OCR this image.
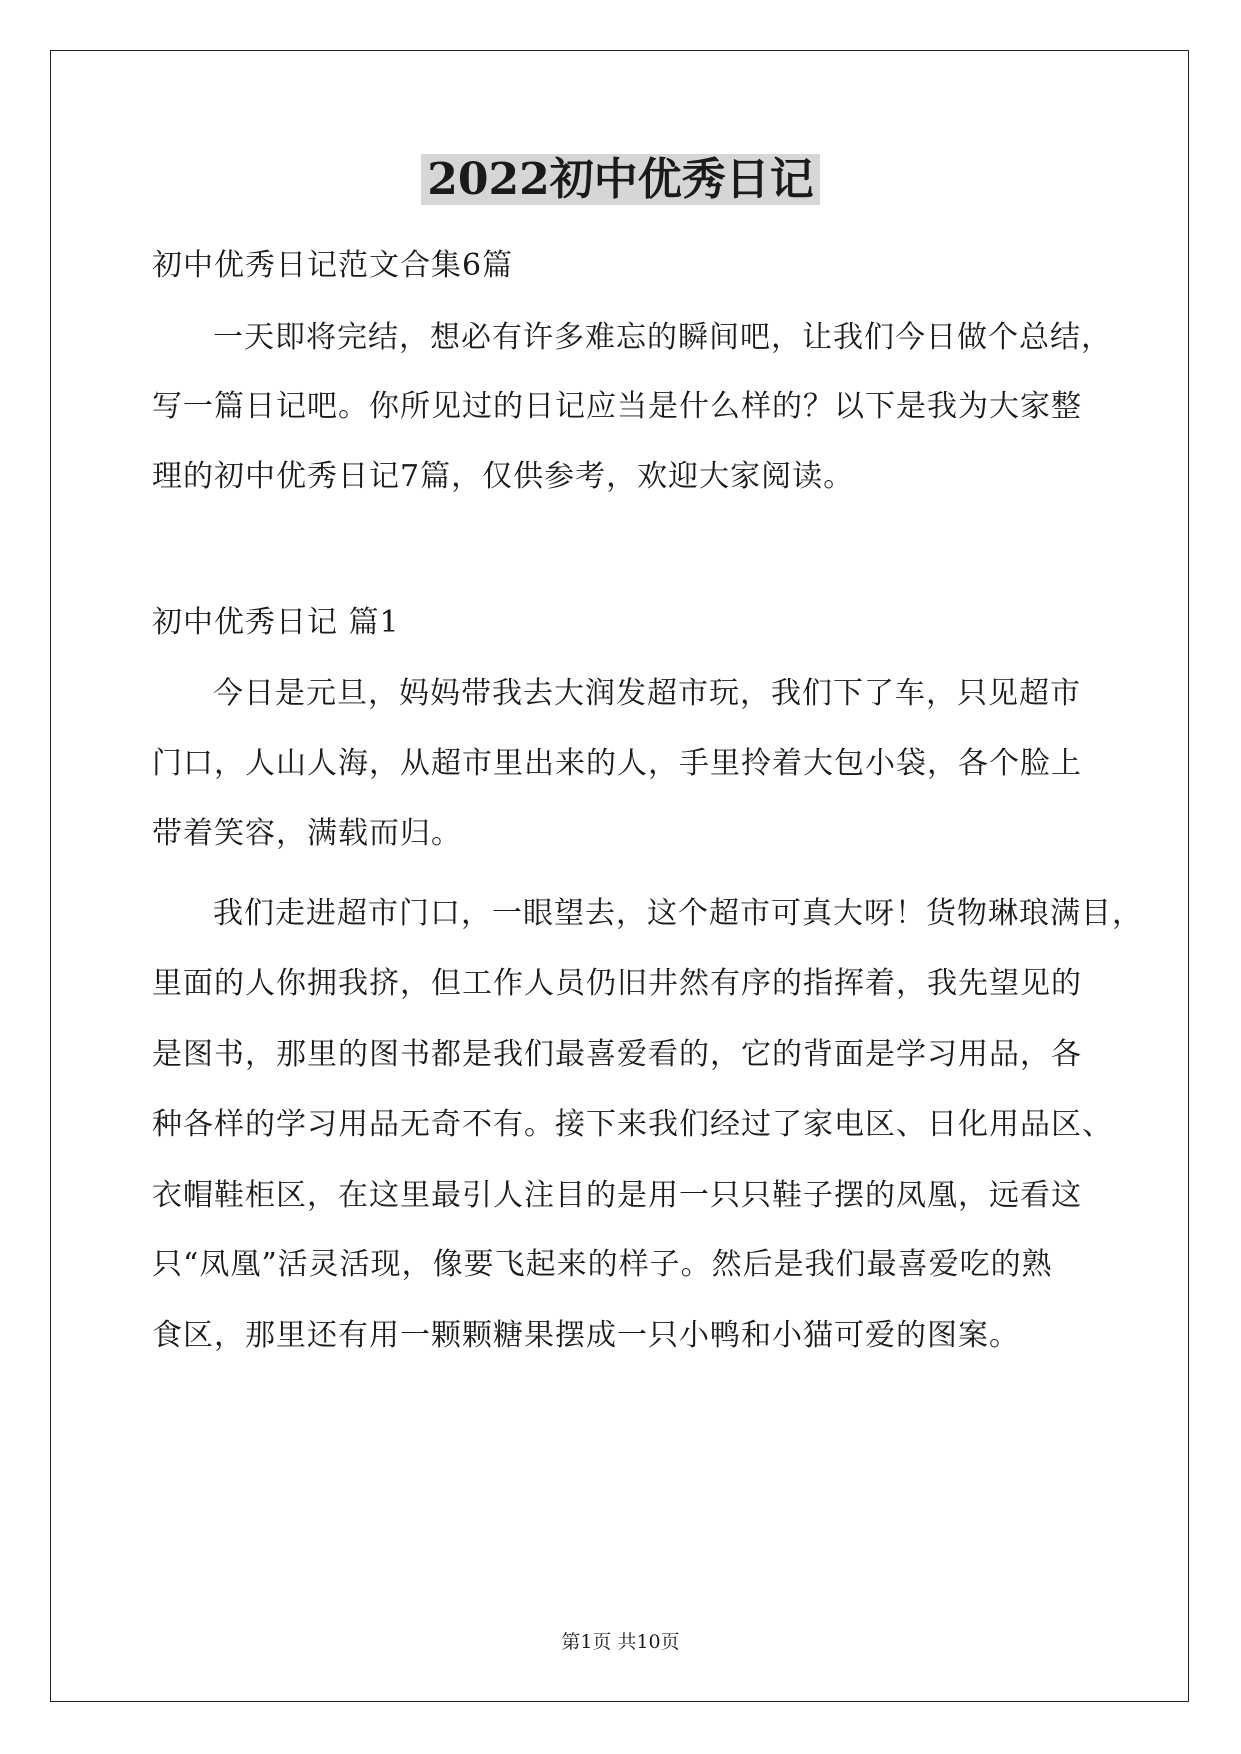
2022初中优秀日记
初中优秀日记范文合集6篇
一天即将完结，想必有许多难忘的瞬间吧，让我们今日做个总结，
写一篇日记吧。你所见过的日记应当是什么样的？以下是我为大家整
理的初中优秀日记7篇，仅供参考，欢迎大家阅读。
初中优秀日记 篇1
今日是元旦，妈妈带我去大润发超市玩，我们下了车，只见超市
门口，人山人海，从超市里出来的人，手里拎着大包小袋，各个脸上
带着笑容，满载而归。
我们走进超市门口，一眼望去，这个超市可真大呀！货物琳琅满目，
里面的人你拥我挤，但工作人员仍旧井然有序的指挥着，我先望见的
是图书，那里的图书都是我们最喜爱看的，它的背面是学习用品，各
种各样的学习用品无奇不有。接下来我们经过了家电区、日化用品区、
衣帽鞋柜区，在这里最引人注目的是用一只只鞋子摆的凤凰，远看这
只“凤凰”活灵活现，像要飞起来的样子。然后是我们最喜爱吃的熟
食区，那里还有用一颗颗糖果摆成一只小鸭和小猫可爱的图案。
第1页 共10页
